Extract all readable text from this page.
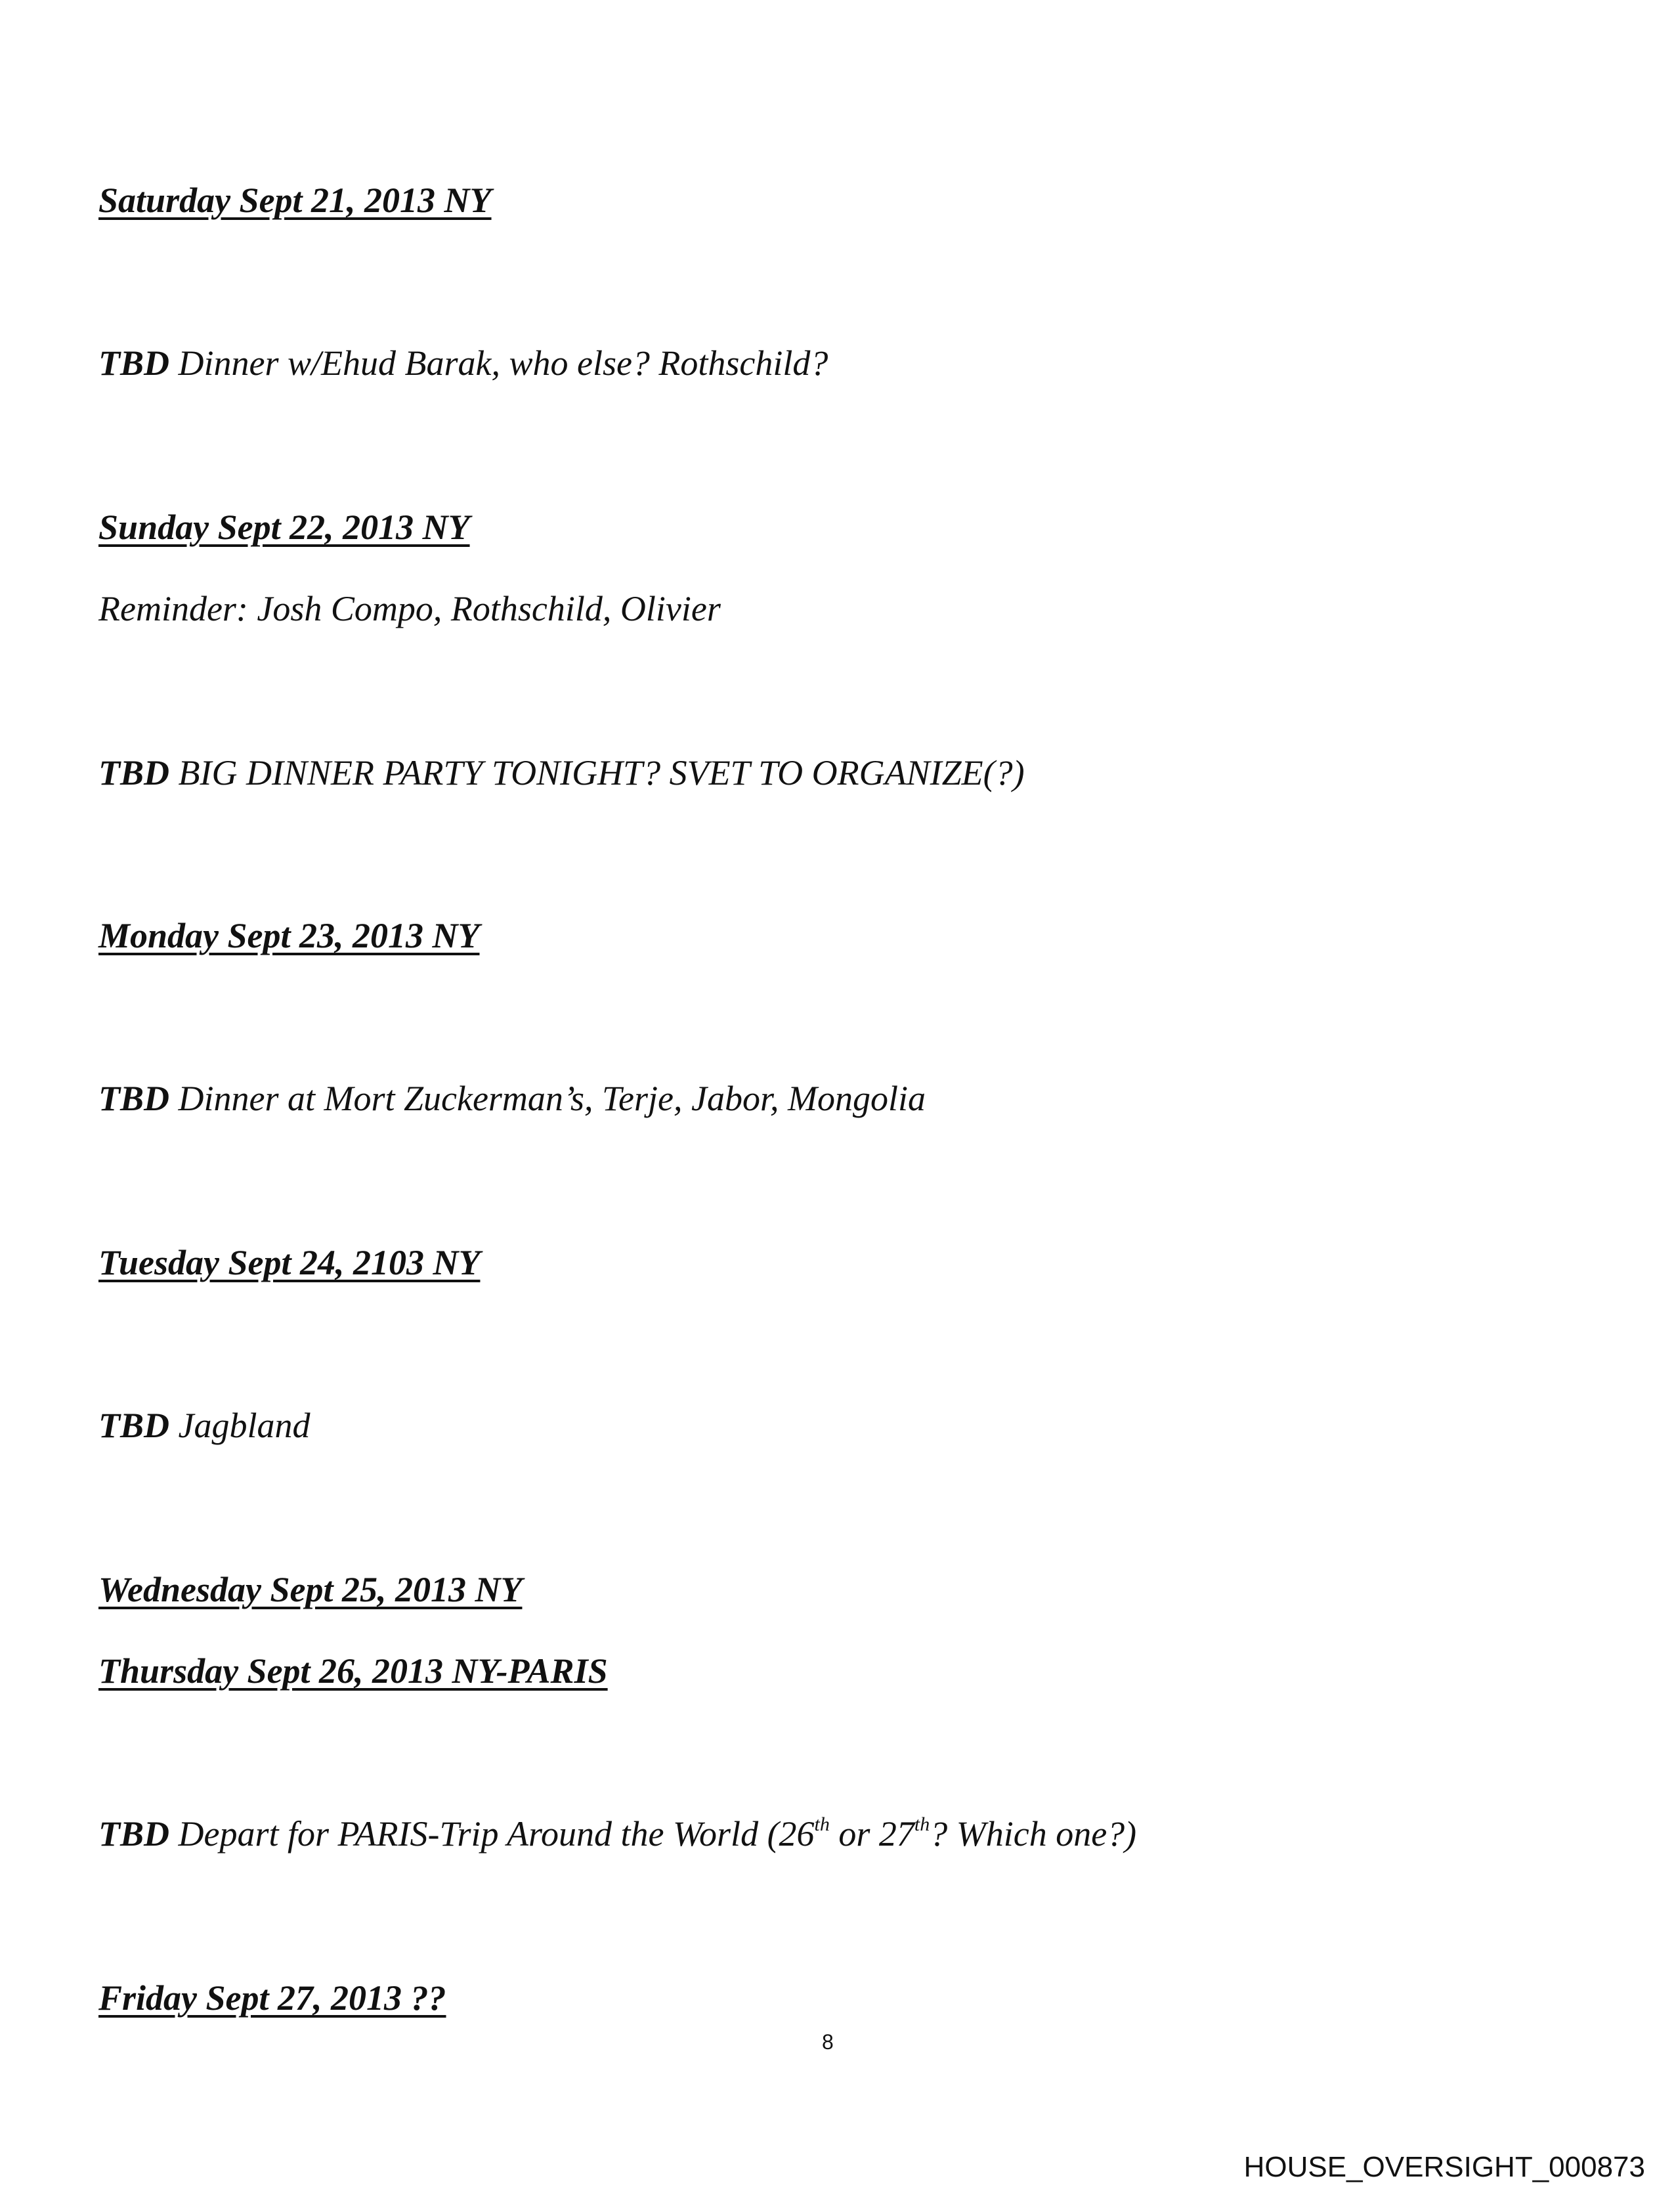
Saturday Sept 21, 2013 NY
TBD Dinner w/Ehud Barak, who else? Rothschild?
Sunday Sept 22, 2013 NY
Reminder: Josh Compo, Rothschild, Olivier
TBD BIG DINNER PARTY TONIGHT? SVET TO ORGANIZE(?)
Monday Sept 23, 2013 NY
TBD Dinner at Mort Zuckerman’s, Terje, Jabor, Mongolia
Tuesday Sept 24, 2103 NY
TBD Jagbland
Wednesday Sept 25, 2013 NY
Thursday Sept 26, 2013 NY-PARIS
TBD Depart for PARIS-Trip Around the World (26th or 27th? Which one?)
Friday Sept 27, 2013 ??
8
HOUSE_OVERSIGHT_000873
